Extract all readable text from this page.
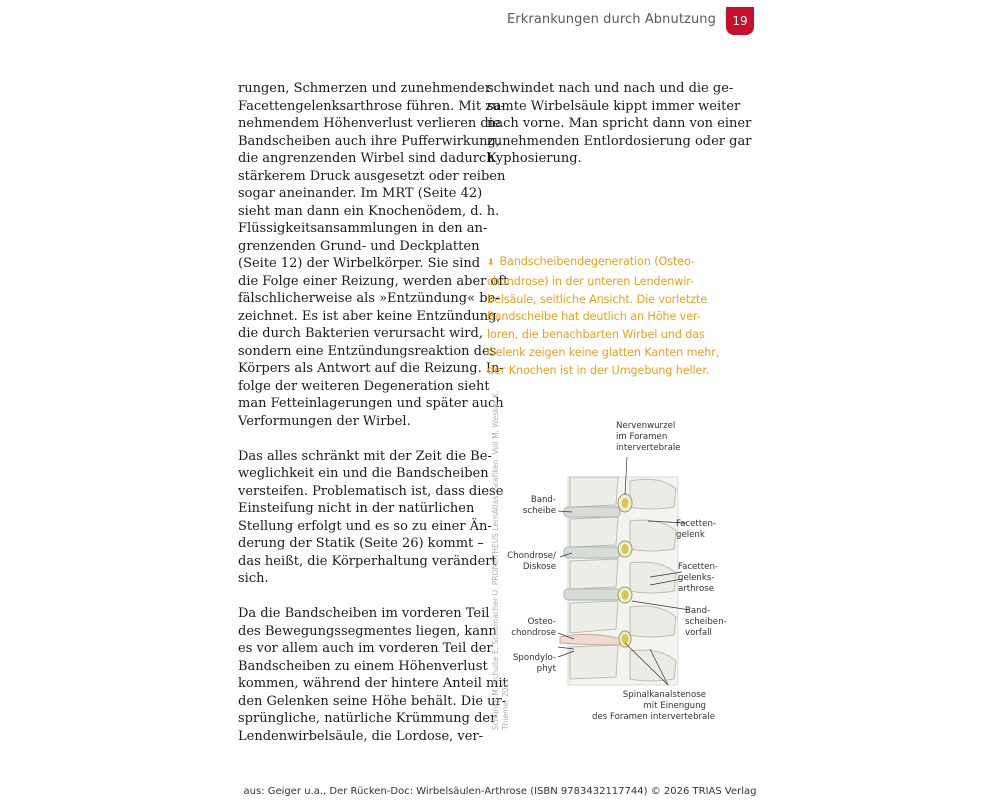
Erkrankungen durch Abnutzung	19

rungen, Schmerzen und zunehmender
Facettengelenksarthrose führen. Mit zu-
nehmendem Höhenverlust verlieren die
Bandscheiben auch ihre Pufferwirkung,
die angrenzenden Wirbel sind dadurch
stärkerem Druck ausgesetzt oder reiben
sogar aneinander. Im MRT (Seite 42)
sieht man dann ein Knochenödem, d. h.
Flüssigkeitsansammlungen in den an-
grenzenden Grund- und Deckplatten
(Seite 12) der Wirbelkörper. Sie sind
die Folge einer Reizung, werden aber oft
fälschlicherweise als »Entzündung« be-
zeichnet. Es ist aber keine Entzündung,
die durch Bakterien verursacht wird,
sondern eine Entzündungsreaktion des
Körpers als Antwort auf die Reizung. In-
folge der weiteren Degeneration sieht
man Fetteinlagerungen und später auch
Verformungen der Wirbel.

Das alles schränkt mit der Zeit die Be-
weglichkeit ein und die Bandscheiben
versteifen. Problematisch ist, dass diese
Einsteifung nicht in der natürlichen
Stellung erfolgt und es so zu einer Än-
derung der Statik (Seite 26) kommt –
das heißt, die Körperhaltung verändert
sich.

Da die Bandscheiben im vorderen Teil
des Bewegungssegmentes liegen, kann
es vor allem auch im vorderen Teil der
Bandscheiben zu einem Höhenverlust
kommen, während der hintere Anteil mit
den Gelenken seine Höhe behält. Die ur-
sprüngliche, natürliche Krümmung der
Lendenwirbelsäule, die Lordose, ver-

schwindet nach und nach und die ge-
samte Wirbelsäule kippt immer weiter
nach vorne. Man spricht dann von einer
zunehmenden Entlordosierung oder gar
Kyphosierung.

⬇ Bandscheibendegeneration (Osteo-
chondrose) in der unteren Lendenwir-
belsäule, seitliche Ansicht. Die vorletzte
Bandscheibe hat deutlich an Höhe ver-
loren, die benachbarten Wirbel und das
Gelenk zeigen keine glatten Kanten mehr,
der Knochen ist in der Umgebung heller.
Schünke M, Schulte E, Schumacher U. PROMETHEUS LernAtlas. Grafiken: Voll M, Wesker K, Thieme; 2022
Nervenwurzel
im Foramen
intervertebrale
Band-
scheibe
Facetten-
gelenk
Chondrose/
Diskose	Facetten-
gelenks-
arthrose
Band-
scheiben-
vorfall
Osteo-
chondrose
Spondylo-
phyt
Spinalkanalstenose
mit Einengung
des Foramen intervertebrale
aus: Geiger u.a., Der Rücken-Doc: Wirbelsäulen-Arthrose (ISBN 9783432117744) © 2026 TRIAS Verlag
